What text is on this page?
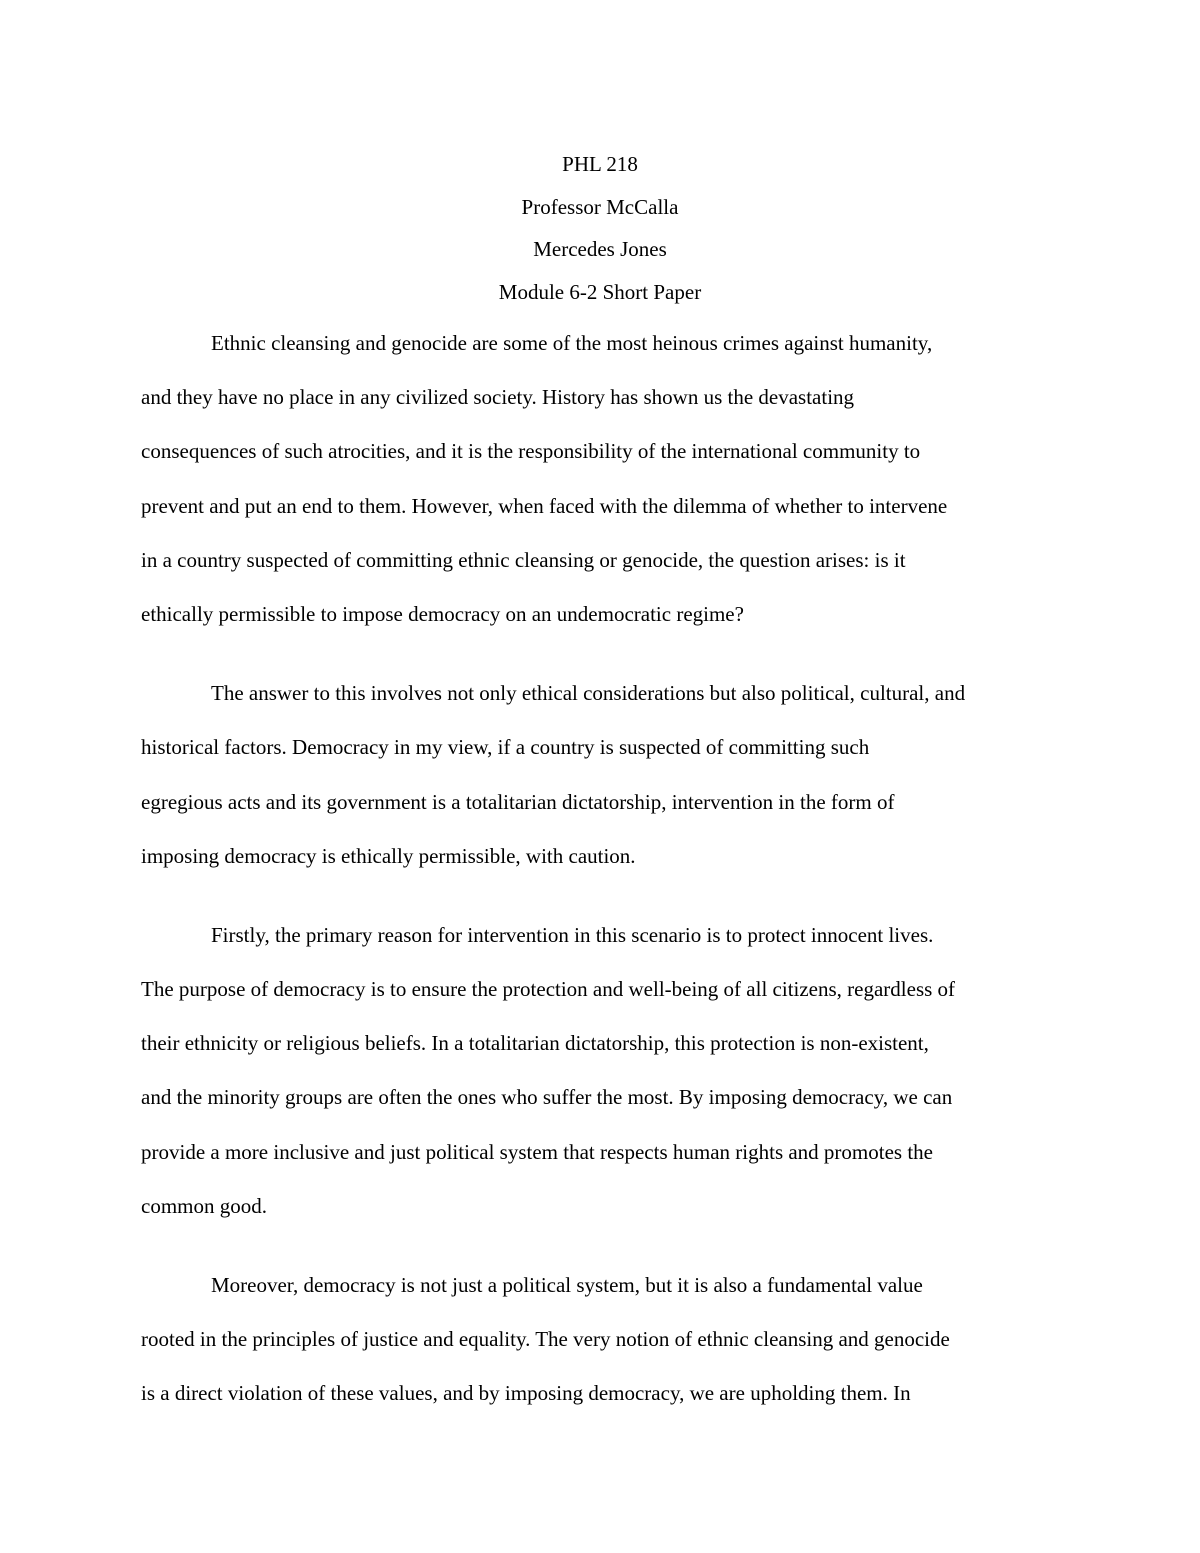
PHL 218
Professor McCalla
Mercedes Jones
Module 6-2 Short Paper
Ethnic cleansing and genocide are some of the most heinous crimes against humanity,
and they have no place in any civilized society. History has shown us the devastating
consequences of such atrocities, and it is the responsibility of the international community to
prevent and put an end to them. However, when faced with the dilemma of whether to intervene
in a country suspected of committing ethnic cleansing or genocide, the question arises: is it
ethically permissible to impose democracy on an undemocratic regime?
The answer to this involves not only ethical considerations but also political, cultural, and
historical factors. Democracy in my view, if a country is suspected of committing such
egregious acts and its government is a totalitarian dictatorship, intervention in the form of
imposing democracy is ethically permissible, with caution.
Firstly, the primary reason for intervention in this scenario is to protect innocent lives.
The purpose of democracy is to ensure the protection and well-being of all citizens, regardless of
their ethnicity or religious beliefs. In a totalitarian dictatorship, this protection is non-existent,
and the minority groups are often the ones who suffer the most. By imposing democracy, we can
provide a more inclusive and just political system that respects human rights and promotes the
common good.
Moreover, democracy is not just a political system, but it is also a fundamental value
rooted in the principles of justice and equality. The very notion of ethnic cleansing and genocide
is a direct violation of these values, and by imposing democracy, we are upholding them. In
